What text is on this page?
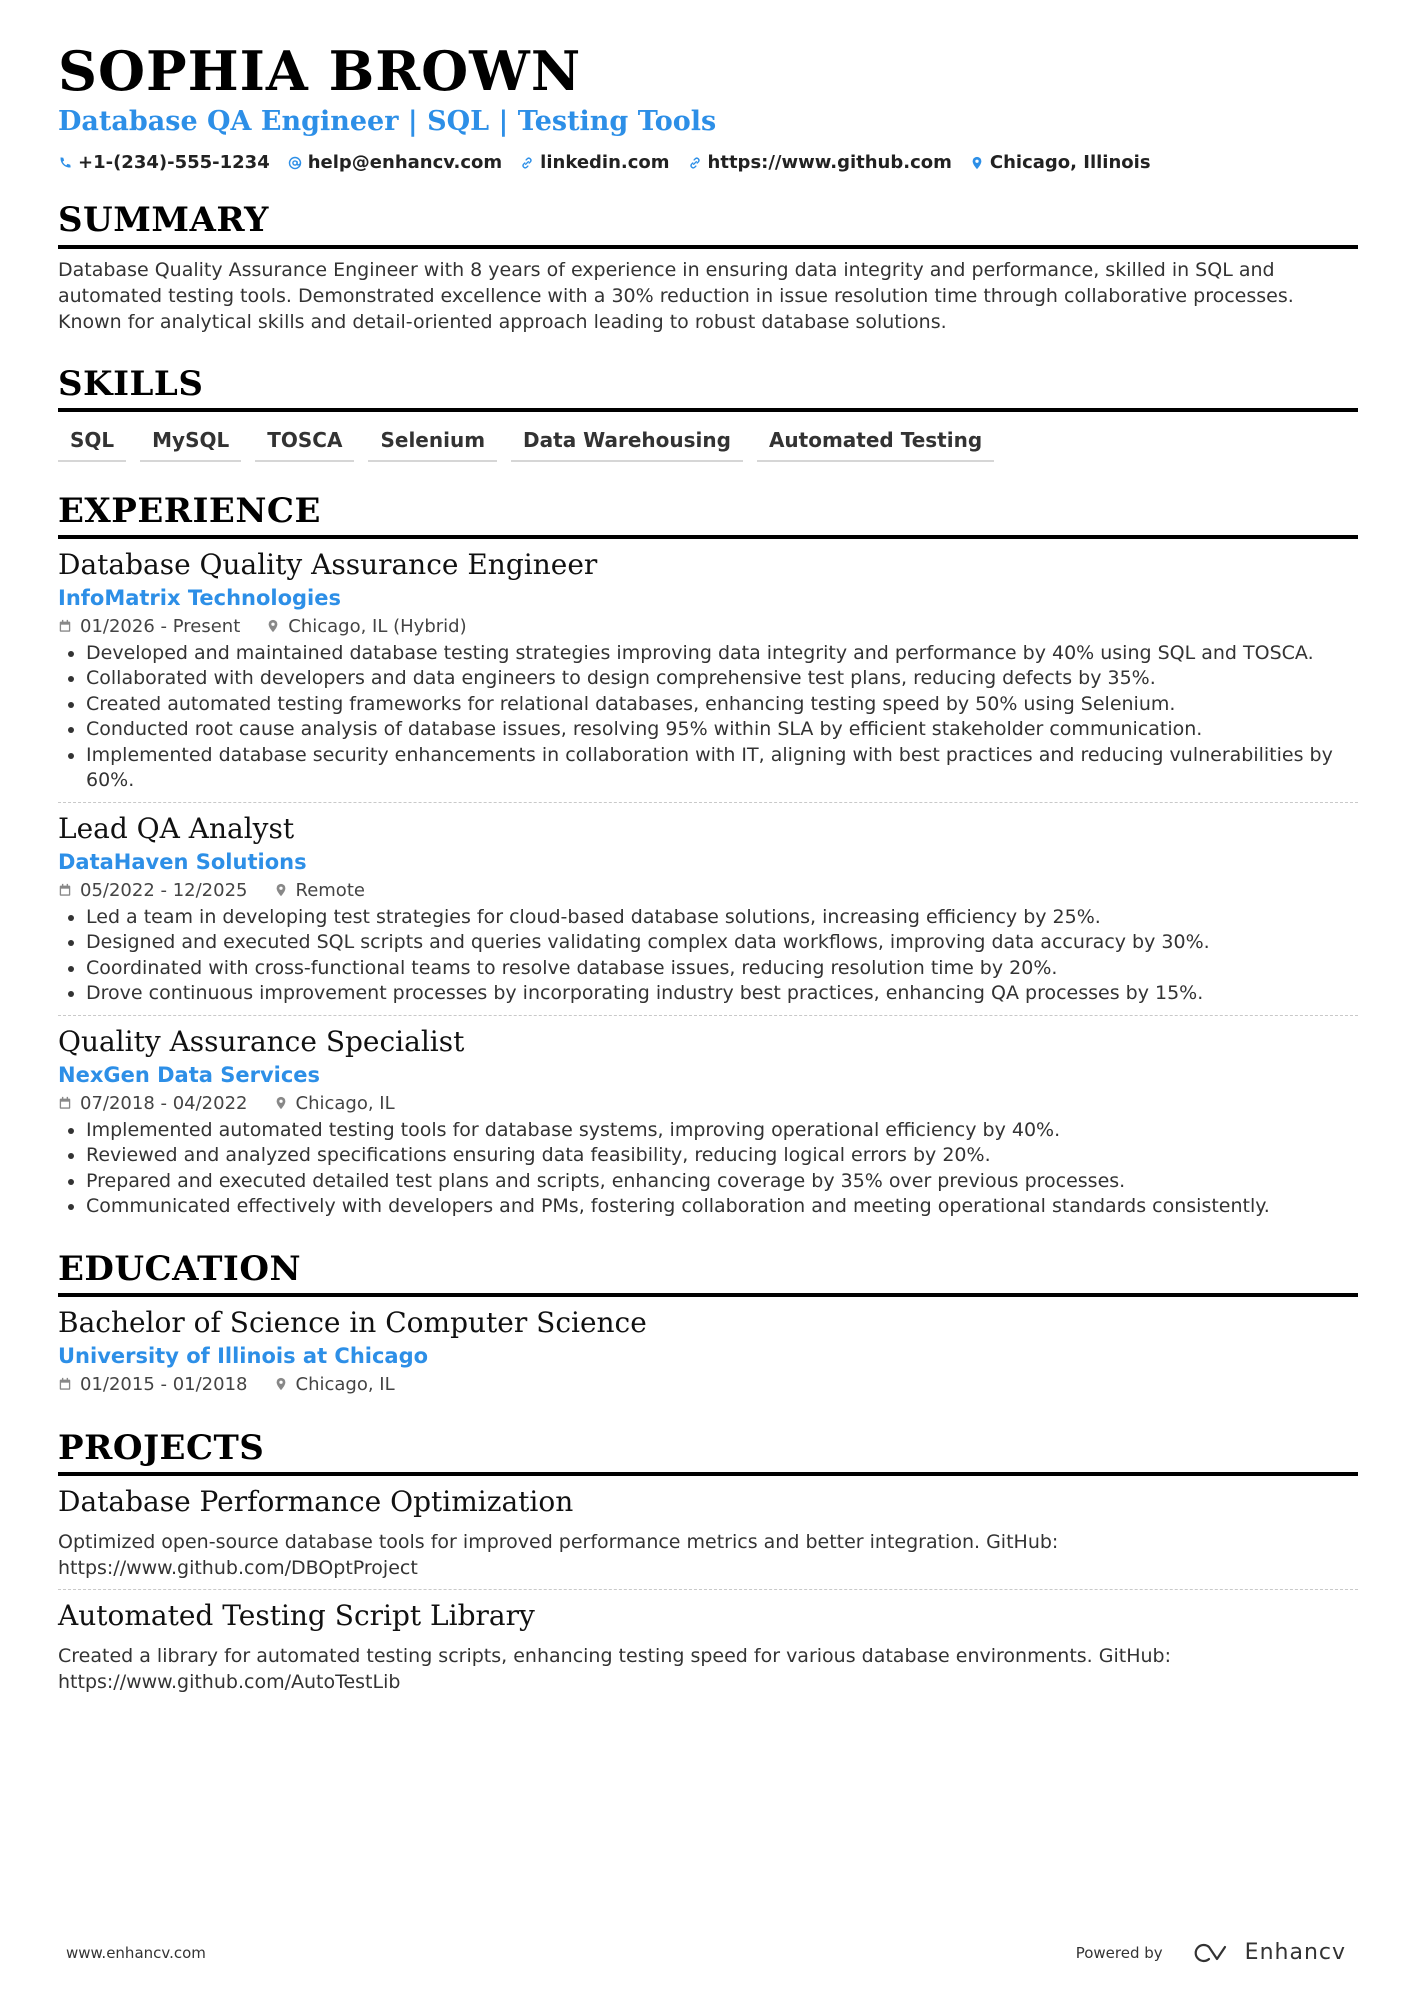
SOPHIA BROWN
Database QA Engineer | SQL | Testing Tools
+1-(234)-555-1234 help@enhancv.com linkedin.com https://www.github.com Chicago, Illinois
SUMMARY
Database Quality Assurance Engineer with 8 years of experience in ensuring data integrity and performance, skilled in SQL and automated testing tools. Demonstrated excellence with a 30% reduction in issue resolution time through collaborative processes. Known for analytical skills and detail-oriented approach leading to robust database solutions.
SKILLS
SQL	MySQL	TOSCA	Selenium	Data Warehousing	Automated Testing
EXPERIENCE
Database Quality Assurance Engineer
InfoMatrix Technologies
01/2026 - Present	Chicago, IL (Hybrid)
• Developed and maintained database testing strategies improving data integrity and performance by 40% using SQL and TOSCA.
• Collaborated with developers and data engineers to design comprehensive test plans, reducing defects by 35%.
• Created automated testing frameworks for relational databases, enhancing testing speed by 50% using Selenium.
• Conducted root cause analysis of database issues, resolving 95% within SLA by efficient stakeholder communication.
• Implemented database security enhancements in collaboration with IT, aligning with best practices and reducing vulnerabilities by 60%.
Lead QA Analyst
DataHaven Solutions
05/2022 - 12/2025	Remote
• Led a team in developing test strategies for cloud-based database solutions, increasing efficiency by 25%.
• Designed and executed SQL scripts and queries validating complex data workflows, improving data accuracy by 30%.
• Coordinated with cross-functional teams to resolve database issues, reducing resolution time by 20%.
• Drove continuous improvement processes by incorporating industry best practices, enhancing QA processes by 15%.
Quality Assurance Specialist
NexGen Data Services
07/2018 - 04/2022	Chicago, IL
• Implemented automated testing tools for database systems, improving operational efficiency by 40%.
• Reviewed and analyzed specifications ensuring data feasibility, reducing logical errors by 20%.
• Prepared and executed detailed test plans and scripts, enhancing coverage by 35% over previous processes.
• Communicated effectively with developers and PMs, fostering collaboration and meeting operational standards consistently.
EDUCATION
Bachelor of Science in Computer Science
University of Illinois at Chicago
01/2015 - 01/2018	Chicago, IL
PROJECTS
Database Performance Optimization
Optimized open-source database tools for improved performance metrics and better integration. GitHub: https://www.github.com/DBOptProject
Automated Testing Script Library
Created a library for automated testing scripts, enhancing testing speed for various database environments. GitHub: https://www.github.com/AutoTestLib
www.enhancv.com	Powered by	Enhancv
